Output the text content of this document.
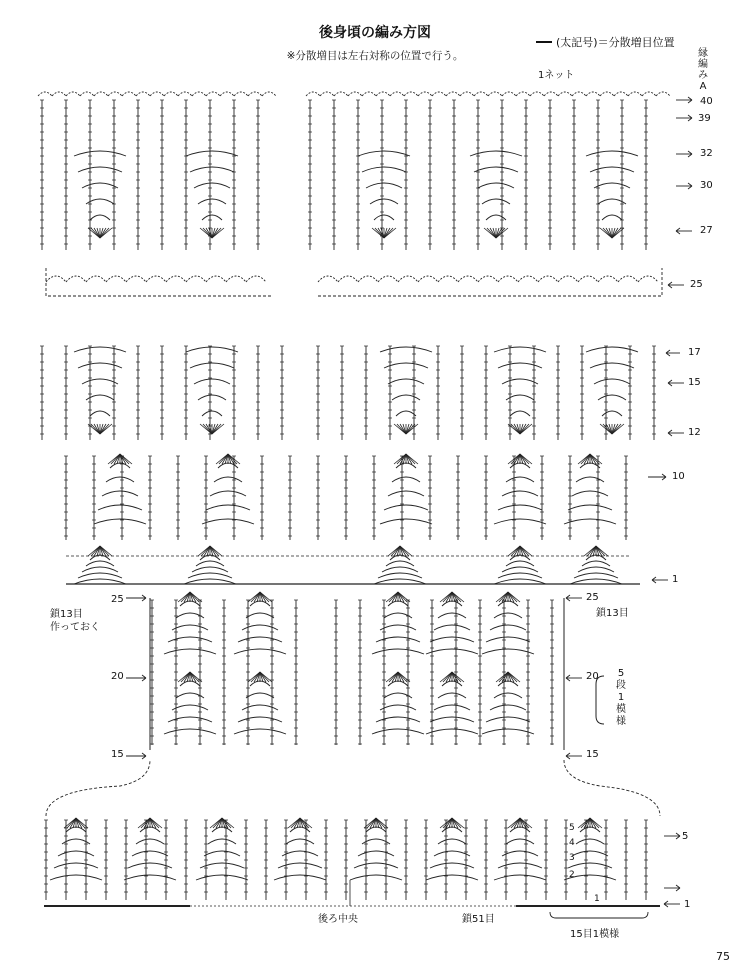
後身頃の編み方図
※分散増目は左右対称の位置で行う。
(太記号)＝分散増目位置
縁
編
み
A
1ネット
40
39
32
30
27
25
17
15
12
10
1
25
20
15
25
20
15
鎖13目
鎖13目
作っておく
5
段
1
模
様
5
1
後ろ中央	鎖51目
15目1模様
5
4
3
2
1
75
